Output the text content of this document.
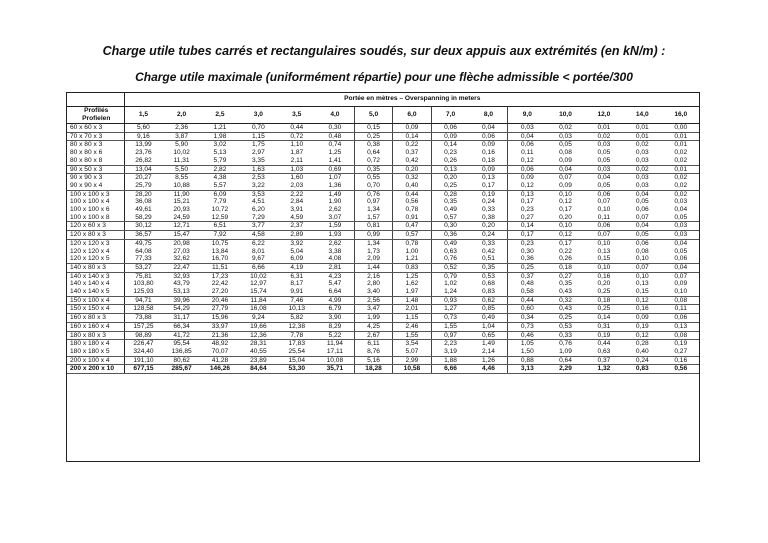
Charge utile tubes carrés et rectangulaires soudés, sur deux appuis aux extrémités (en kN/m) :
Charge utile maximale (uniformément répartie) pour une flèche admissible < portée/300
	Portée en mètres – Overspanning in meters														

Profilés
Profielen	1,5	2,0	2,5	3,0	3,5	4,0	5,0	6,0	7,0	8,0	9,0	10,0	12,0	14,0	16,0
60 x 60 x 3	5,60	2,36	1,21	0,70	0,44	0,30	0,15	0,09	0,06	0,04	0,03	0,02	0,01	0,01	0,00
70 x 70 x 3	9,16	3,87	1,98	1,15	0,72	0,48	0,25	0,14	0,09	0,06	0,04	0,03	0,02	0,01	0,01
80 x 80 x 3	13,99	5,90	3,02	1,75	1,10	0,74	0,38	0,22	0,14	0,09	0,06	0,05	0,03	0,02	0,01
80 x 80 x 6	23,76	10,02	5,13	2,97	1,87	1,25	0,64	0,37	0,23	0,16	0,11	0,08	0,05	0,03	0,02
80 x 80 x 8	26,82	11,31	5,79	3,35	2,11	1,41	0,72	0,42	0,26	0,18	0,12	0,09	0,05	0,03	0,02
90 x 50 x 3	13,04	5,50	2,82	1,63	1,03	0,69	0,35	0,20	0,13	0,09	0,06	0,04	0,03	0,02	0,01
90 x 90 x 3	20,27	8,55	4,38	2,53	1,60	1,07	0,55	0,32	0,20	0,13	0,09	0,07	0,04	0,03	0,02
90 x 90 x 4	25,79	10,88	5,57	3,22	2,03	1,36	0,70	0,40	0,25	0,17	0,12	0,09	0,05	0,03	0,02
100 x 100 x 3	28,20	11,90	6,09	3,53	2,22	1,49	0,76	0,44	0,28	0,19	0,13	0,10	0,06	0,04	0,02
100 x 100 x 4	36,08	15,21	7,79	4,51	2,84	1,90	0,97	0,56	0,35	0,24	0,17	0,12	0,07	0,05	0,03
100 x 100 x 6	49,61	20,93	10,72	6,20	3,91	2,62	1,34	0,78	0,49	0,33	0,23	0,17	0,10	0,06	0,04
100 x 100 x 8	58,29	24,59	12,59	7,29	4,59	3,07	1,57	0,91	0,57	0,38	0,27	0,20	0,11	0,07	0,05
120 x 60 x 3	30,12	12,71	6,51	3,77	2,37	1,59	0,81	0,47	0,30	0,20	0,14	0,10	0,06	0,04	0,03
120 x 80 x 3	36,57	15,47	7,92	4,58	2,89	1,93	0,99	0,57	0,36	0,24	0,17	0,12	0,07	0,05	0,03
120 x 120 x 3	49,75	20,98	10,75	6,22	3,92	2,62	1,34	0,78	0,49	0,33	0,23	0,17	0,10	0,06	0,04
120 x 120 x 4	64,08	27,03	13,84	8,01	5,04	3,38	1,73	1,00	0,63	0,42	0,30	0,22	0,13	0,08	0,05
120 x 120 x 5	77,33	32,62	16,70	9,67	6,09	4,08	2,09	1,21	0,76	0,51	0,36	0,26	0,15	0,10	0,06
140 x 80 x 3	53,27	22,47	11,51	6,66	4,19	2,81	1,44	0,83	0,52	0,35	0,25	0,18	0,10	0,07	0,04
140 x 140 x 3	75,81	32,93	17,23	10,02	6,31	4,23	2,16	1,25	0,79	0,53	0,37	0,27	0,16	0,10	0,07
140 x 140 x 4	103,80	43,79	22,42	12,97	8,17	5,47	2,80	1,62	1,02	0,68	0,48	0,35	0,20	0,13	0,09
140 x 140 x 5	125,93	53,13	27,20	15,74	9,91	6,64	3,40	1,97	1,24	0,83	0,58	0,43	0,25	0,15	0,10
150 x 100 x 4	94,71	39,96	20,46	11,84	7,46	4,99	2,56	1,48	0,93	0,62	0,44	0,32	0,18	0,12	0,08
150 x 150 x 4	128,58	54,29	27,79	16,08	10,13	6,79	3,47	2,01	1,27	0,85	0,60	0,43	0,25	0,16	0,11
160 x 80 x 3	73,88	31,17	15,96	9,24	5,82	3,90	1,99	1,15	0,73	0,49	0,34	0,25	0,14	0,09	0,06
160 x 160 x 4	157,25	66,34	33,97	19,66	12,38	8,29	4,25	2,46	1,55	1,04	0,73	0,53	0,31	0,19	0,13
180 x 80 x 3	98,89	41,72	21,36	12,36	7,78	5,22	2,67	1,55	0,97	0,65	0,46	0,33	0,19	0,12	0,08
180 x 180 x 4	226,47	95,54	48,92	28,31	17,83	11,94	6,11	3,54	2,23	1,49	1,05	0,76	0,44	0,28	0,19
180 x 180 x 5	324,40	136,85	70,07	40,55	25,54	17,11	8,76	5,07	3,19	2,14	1,50	1,09	0,63	0,40	0,27
200 x 100 x 4	191,10	80,62	41,28	23,89	15,04	10,08	5,16	2,99	1,88	1,26	0,88	0,64	0,37	0,24	0,16
200 x 200 x 10	677,15	285,67	146,26	84,64	53,30	35,71	18,28	10,58	6,66	4,46	3,13	2,29	1,32	0,83	0,56
